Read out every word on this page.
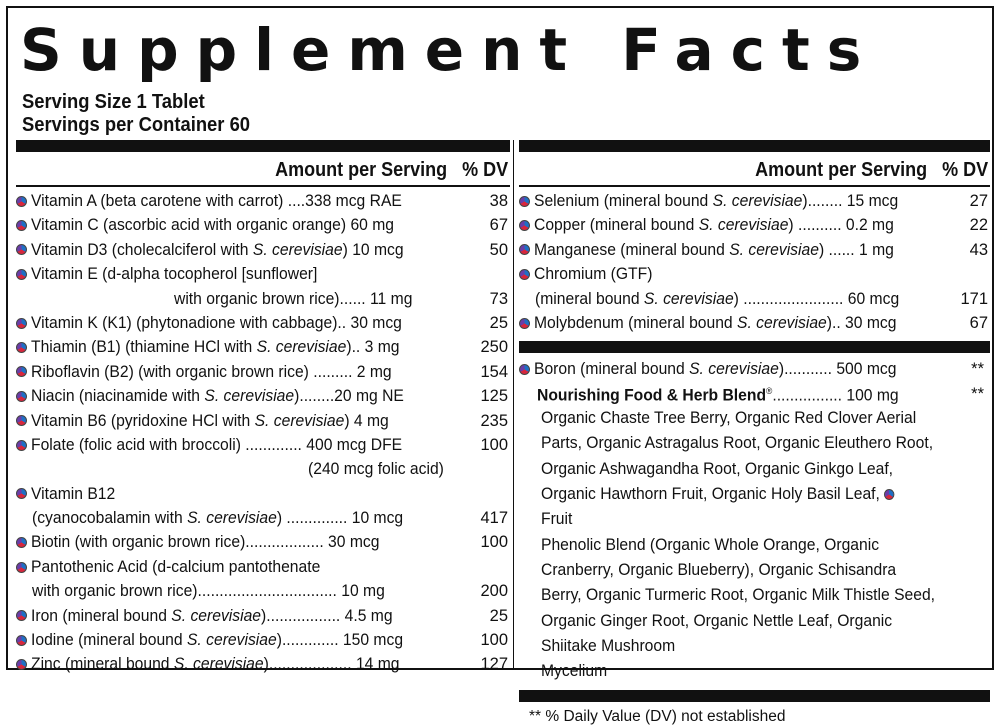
Supplement Facts
Serving Size 1 Tablet
Servings per Container 60
Amount per Serving % DV
Vitamin A (beta carotene with carrot) ....338 mcg RAE	38
Vitamin C (ascorbic acid with organic orange) 60 mg	67
Vitamin D3 (cholecalciferol with S. cerevisiae) 10 mcg	50
Vitamin E (d-alpha tocopherol [sunflower]
with organic brown rice)...... 11 mg	73
Vitamin K (K1) (phytonadione with cabbage).. 30 mcg	25
Thiamin (B1) (thiamine HCl with S. cerevisiae).. 3 mg	250
Riboflavin (B2) (with organic brown rice) ......... 2 mg	154
Niacin (niacinamide with S. cerevisiae)........20 mg NE	125
Vitamin B6 (pyridoxine HCl with S. cerevisiae) 4 mg	235
Folate (folic acid with broccoli) ............. 400 mcg DFE	100
(240 mcg folic acid)
Vitamin B12
(cyanocobalamin with S. cerevisiae) .............. 10 mcg	417
Biotin (with organic brown rice).................. 30 mcg	100
Pantothenic Acid (d-calcium pantothenate
with organic brown rice)................................ 10 mg	200
Iron (mineral bound S. cerevisiae)................. 4.5 mg	25
Iodine (mineral bound S. cerevisiae)............. 150 mcg	100
Zinc (mineral bound S. cerevisiae)................... 14 mg	127
Amount per Serving % DV
Selenium (mineral bound S. cerevisiae)........ 15 mcg	27
Copper (mineral bound S. cerevisiae) .......... 0.2 mg	22
Manganese (mineral bound S. cerevisiae) ...... 1 mg	43
Chromium (GTF)
(mineral bound S. cerevisiae) ....................... 60 mcg	171
Molybdenum (mineral bound S. cerevisiae).. 30 mcg	67
Boron (mineral bound S. cerevisiae)........... 500 mcg	**
Nourishing Food & Herb Blend®................ 100 mg	**
Organic Chaste Tree Berry, Organic Red Clover Aerial
Parts, Organic Astragalus Root, Organic Eleuthero Root,
Organic Ashwagandha Root, Organic Ginkgo Leaf,
Organic Hawthorn Fruit, Organic Holy Basil Leaf, Fruit
Phenolic Blend (Organic Whole Orange, Organic
Cranberry, Organic Blueberry), Organic Schisandra
Berry, Organic Turmeric Root, Organic Milk Thistle Seed,
Organic Ginger Root, Organic Nettle Leaf, Organic
Shiitake Mushroom Mycelium
** % Daily Value (DV) not established
